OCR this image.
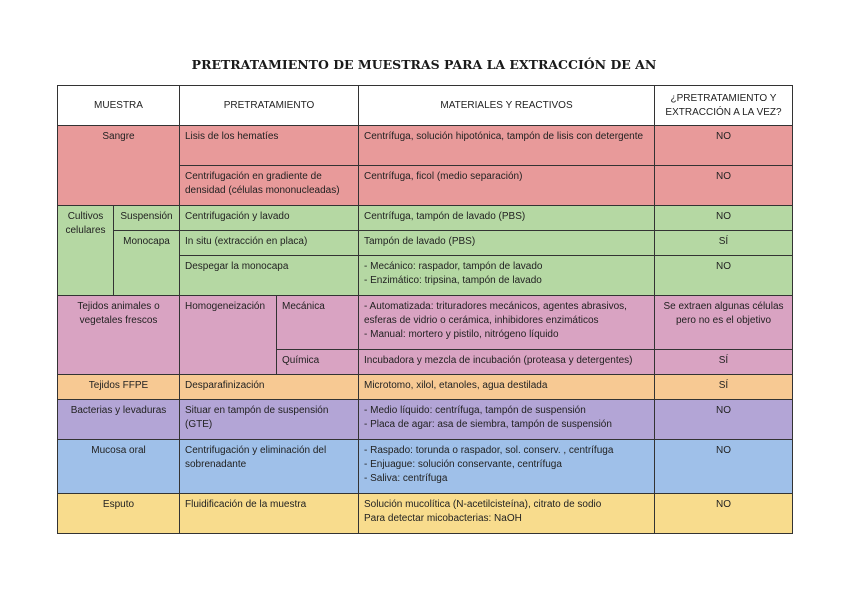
PRETRATAMIENTO DE MUESTRAS PARA LA EXTRACCIÓN DE AN
MUESTRA		PRETRATAMIENTO		MATERIALES Y REACTIVOS	¿PRETRATAMIENTO Y EXTRACCIÓN A LA VEZ?
Sangre		Lisis de los hematíes		Centrífuga, solución hipotónica, tampón de lisis con detergente	NO
		Centrifugación en gradiente de densidad (células mononucleadas)		Centrífuga, ficol (medio separación)	NO
Cultivos celulares	Suspensión	Centrifugación y lavado		Centrífuga, tampón de lavado (PBS)	NO
	Monocapa	In situ (extracción en placa)		Tampón de lavado (PBS)	SÍ
		Despegar la monocapa		- Mecánico: raspador, tampón de lavado
- Enzimático: tripsina, tampón de lavado	NO
Tejidos animales o vegetales frescos		Homogeneización	Mecánica	- Automatizada: trituradores mecánicos, agentes abrasivos, esferas de vidrio o cerámica, inhibidores enzimáticos
- Manual: mortero y pistilo, nitrógeno líquido	Se extraen algunas células pero no es el objetivo
			Química	Incubadora y mezcla de incubación (proteasa y detergentes)	SÍ
Tejidos FFPE		Desparafinización		Microtomo, xilol, etanoles, agua destilada	SÍ
Bacterias y levaduras		Situar en tampón de suspensión (GTE)		- Medio líquido: centrífuga, tampón de suspensión
- Placa de agar: asa de siembra, tampón de suspensión	NO
Mucosa oral		Centrifugación y eliminación del sobrenadante		- Raspado: torunda o raspador, sol. conserv. , centrífuga
- Enjuague: solución conservante, centrífuga
- Saliva: centrífuga	NO
Esputo		Fluidificación de la muestra		Solución mucolítica (N-acetilcisteína), citrato de sodio
Para detectar micobacterias: NaOH	NO
